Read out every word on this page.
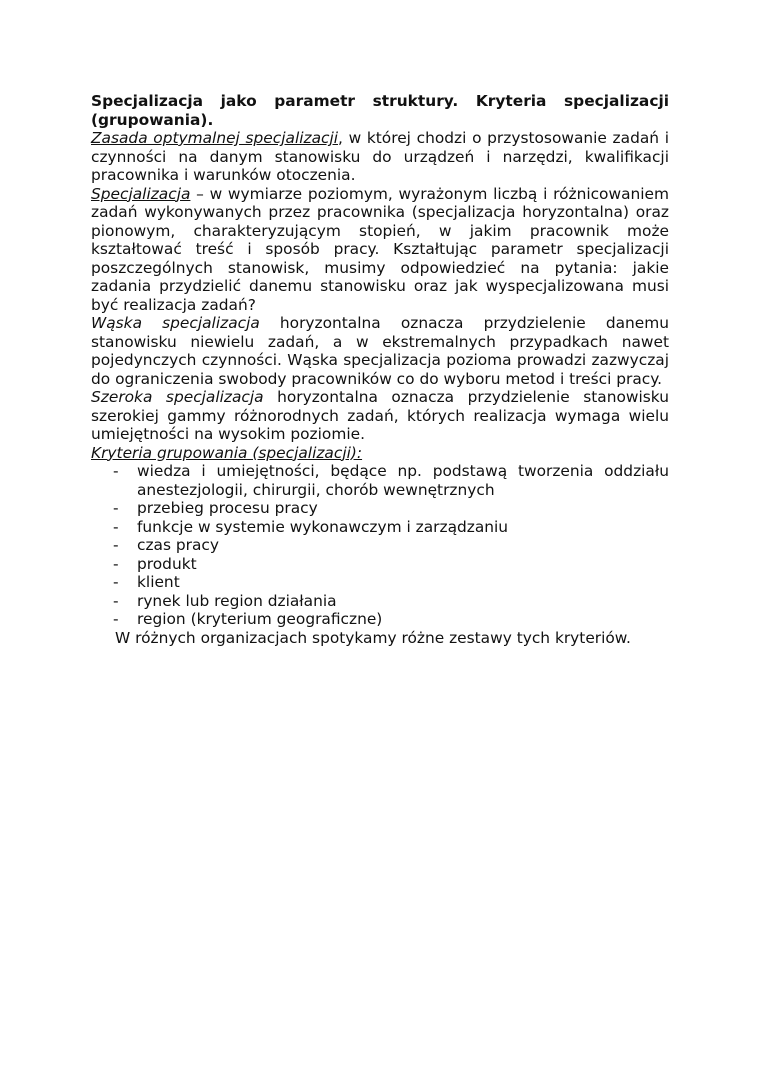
Specjalizacja jako parametr struktury. Kryteria specjalizacji (grupowania).

Zasada optymalnej specjalizacji, w której chodzi o przystosowanie zadań i czynności na danym stanowisku do urządzeń i narzędzi, kwalifikacji pracownika i warunków otoczenia.

Specjalizacja – w wymiarze poziomym, wyrażonym liczbą i różnicowaniem zadań wykonywanych przez pracownika (specjalizacja horyzontalna) oraz pionowym, charakteryzującym stopień, w jakim pracownik może kształtować treść i sposób pracy. Kształtując parametr specjalizacji poszczególnych stanowisk, musimy odpowiedzieć na pytania: jakie zadania przydzielić danemu stanowisku oraz jak wyspecjalizowana musi być realizacja zadań?

Wąska specjalizacja horyzontalna oznacza przydzielenie danemu stanowisku niewielu zadań, a w ekstremalnych przypadkach nawet pojedynczych czynności. Wąska specjalizacja pozioma prowadzi zazwyczaj do ograniczenia swobody pracowników co do wyboru metod i treści pracy.

Szeroka specjalizacja horyzontalna oznacza przydzielenie stanowisku szerokiej gammy różnorodnych zadań, których realizacja wymaga wielu umiejętności na wysokim poziomie.

Kryteria grupowania (specjalizacji):

- wiedza i umiejętności, będące np. podstawą tworzenia oddziału anestezjologii, chirurgii, chorób wewnętrznych
- przebieg procesu pracy
- funkcje w systemie wykonawczym i zarządzaniu
- czas pracy
- produkt
- klient
- rynek lub region działania
- region (kryterium geograficzne)

W różnych organizacjach spotykamy różne zestawy tych kryteriów.
